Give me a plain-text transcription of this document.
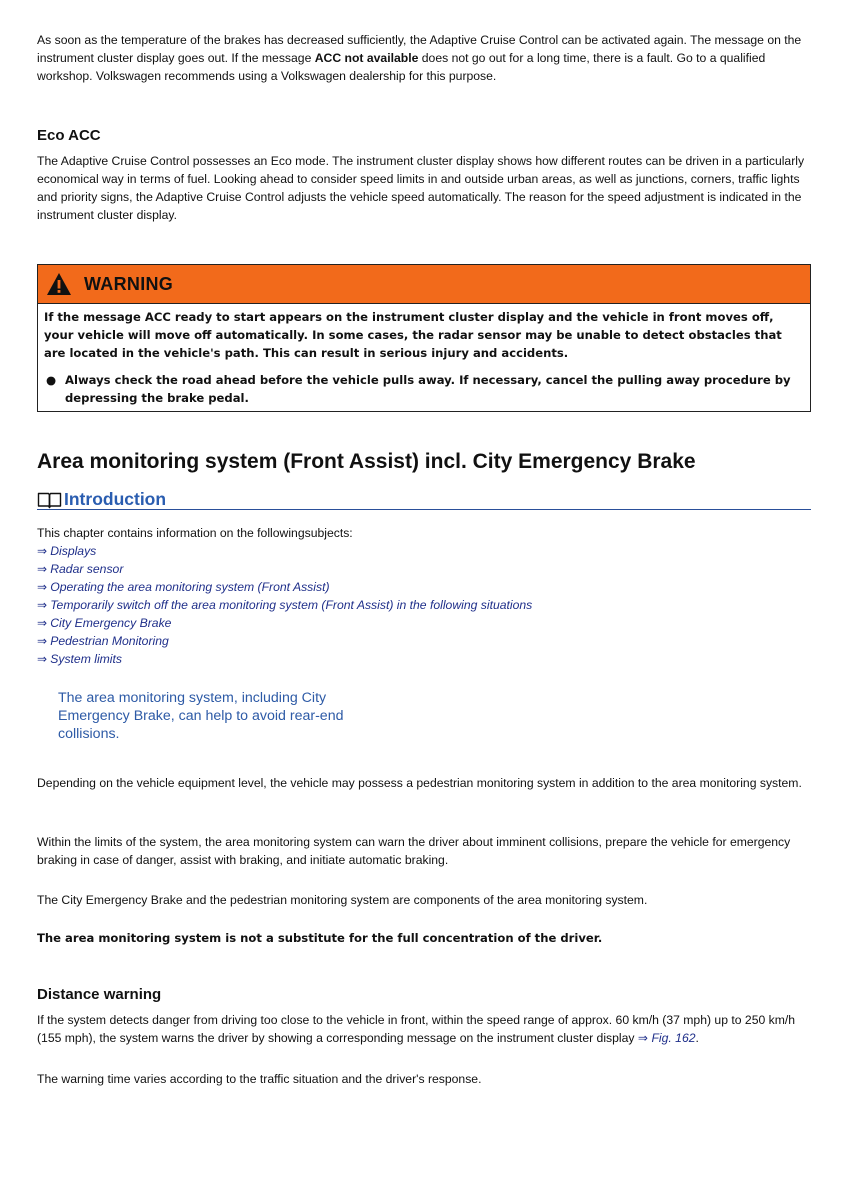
As soon as the temperature of the brakes has decreased sufficiently, the Adaptive Cruise Control can be activated again. The message on the instrument cluster display goes out. If the message ACC not available does not go out for a long time, there is a fault. Go to a qualified workshop. Volkswagen recommends using a Volkswagen dealership for this purpose.

Eco ACC

The Adaptive Cruise Control possesses an Eco mode. The instrument cluster display shows how different routes can be driven in a particularly economical way in terms of fuel. Looking ahead to consider speed limits in and outside urban areas, as well as junctions, corners, traffic lights and priority signs, the Adaptive Cruise Control adjusts the vehicle speed automatically. The reason for the speed adjustment is indicated in the instrument cluster display.

WARNING

If the message ACC ready to start appears on the instrument cluster display and the vehicle in front moves off, your vehicle will move off automatically. In some cases, the radar sensor may be unable to detect obstacles that are located in the vehicle's path. This can result in serious injury and accidents.

● Always check the road ahead before the vehicle pulls away. If necessary, cancel the pulling away procedure by depressing the brake pedal.
Area monitoring system (Front Assist) incl. City Emergency Brake
Introduction

This chapter contains information on the followingsubjects:

⇒ Displays
⇒ Radar sensor
⇒ Operating the area monitoring system (Front Assist)
⇒ Temporarily switch off the area monitoring system (Front Assist) in the following situations
⇒ City Emergency Brake
⇒ Pedestrian Monitoring
⇒ System limits

The area monitoring system, including City Emergency Brake, can help to avoid rear-end collisions.

Depending on the vehicle equipment level, the vehicle may possess a pedestrian monitoring system in addition to the area monitoring system.

Within the limits of the system, the area monitoring system can warn the driver about imminent collisions, prepare the vehicle for emergency braking in case of danger, assist with braking, and initiate automatic braking.

The City Emergency Brake and the pedestrian monitoring system are components of the area monitoring system.

The area monitoring system is not a substitute for the full concentration of the driver.

Distance warning

If the system detects danger from driving too close to the vehicle in front, within the speed range of approx. 60 km/h (37 mph) up to 250 km/h (155 mph), the system warns the driver by showing a corresponding message on the instrument cluster display ⇒ Fig. 162.

The warning time varies according to the traffic situation and the driver's response.
